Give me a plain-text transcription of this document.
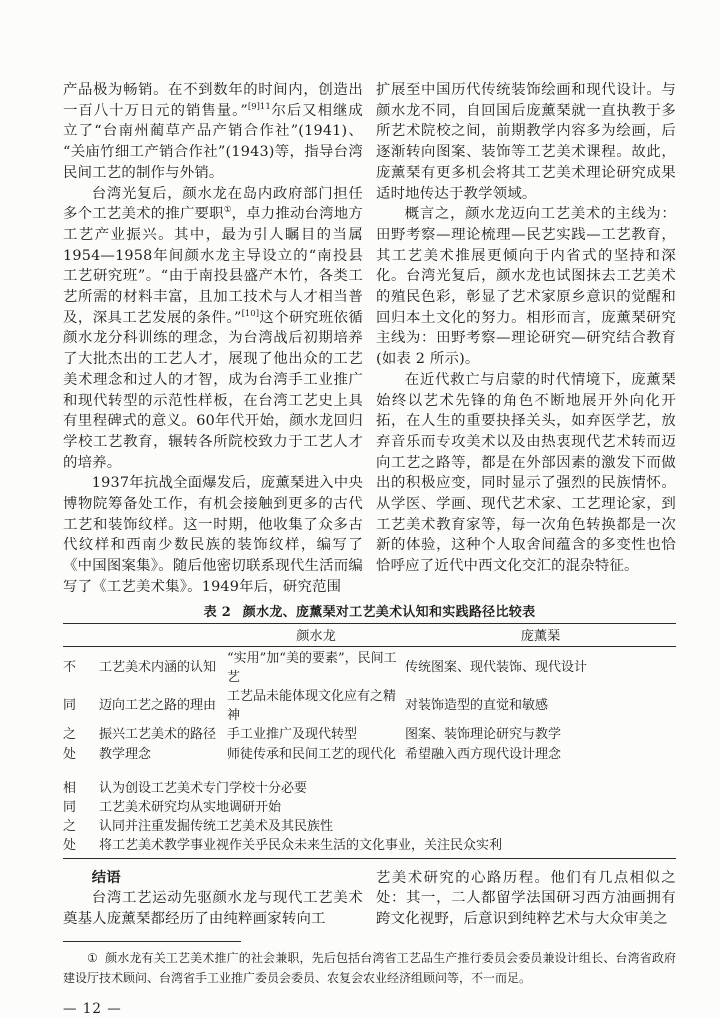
产品极为畅销。在不到数年的时间内，创造出一百八十万日元的销售量。”$^{[9]11}$尔后又相继成立了“台南州蔺草产品产销合作社”(1941)、“关庙竹细工产销合作社”(1943)等，指导台湾民间工艺的制作与外销。

台湾光复后，颜水龙在岛内政府部门担任多个工艺美术的推广要职①，卓力推动台湾地方工艺产业振兴。其中，最为引人瞩目的当属1954—1958年间颜水龙主导设立的“南投县工艺研究班”。“由于南投县盛产木竹，各类工艺所需的材料丰富，且加工技术与人才相当普及，深具工艺发展的条件。”[10]这个研究班依循颜水龙分科训练的理念，为台湾战后初期培养了大批杰出的工艺人才，展现了他出众的工艺美术理念和过人的才智，成为台湾手工业推广和现代转型的示范性样板，在台湾工艺史上具有里程碑式的意义。60年代开始，颜水龙回归学校工艺教育，辗转各所院校致力于工艺人才的培养。

1937年抗战全面爆发后，庞薰琹进入中央博物院筹备处工作，有机会接触到更多的古代工艺和装饰纹样。这一时期，他收集了众多古代纹样和西南少数民族的装饰纹样，编写了《中国图案集》。随后他密切联系现代生活而编写了《工艺美术集》。1949年后，研究范围

扩展至中国历代传统装饰绘画和现代设计。与颜水龙不同，自回国后庞薰琹就一直执教于多所艺术院校之间，前期教学内容多为绘画，后逐渐转向图案、装饰等工艺美术课程。故此，庞薰琹有更多机会将其工艺美术理论研究成果适时地传达于教学领域。

概言之，颜水龙迈向工艺美术的主线为：田野考察—理论梳理—民艺实践—工艺教育，其工艺美术推展更倾向于内省式的坚持和深化。台湾光复后，颜水龙也试图抹去工艺美术的殖民色彩，彰显了艺术家原乡意识的觉醒和回归本土文化的努力。相形而言，庞薰琹研究主线为：田野考察—理论研究—研究结合教育(如表 2 所示)。

在近代救亡与启蒙的时代情境下，庞薰琹始终以艺术先锋的角色不断地展开外向化开拓，在人生的重要抉择关头，如弃医学艺，放弃音乐而专攻美术以及由热衷现代艺术转而迈向工艺之路等，都是在外部因素的激发下而做出的积极应变，同时显示了强烈的民族情怀。从学医、学画、现代艺术家、工艺理论家，到工艺美术教育家等，每一次角色转换都是一次新的体验，这种个人取舍间蕴含的多变性也恰恰呼应了近代中西文化交汇的混杂特征。

表 2 颜水龙、庞薰琹对工艺美术认知和实践路径比较表
		颜水龙	庞薰琹
不	工艺美术内涵的认知	“实用”加“美的要素”，民间工艺	传统图案、现代装饰、现代设计
同	迈向工艺之路的理由	工艺品未能体现文化应有之精神	对装饰造型的直觉和敏感
之	振兴工艺美术的路径	手工业推广及现代转型	图案、装饰理论研究与教学
处	教学理念	师徒传承和民间工艺的现代化	希望融入西方现代设计理念

相	认为创设工艺美术专门学校十分必要		
同	工艺美术研究均从实地调研开始		
之	认同并注重发掘传统工艺美术及其民族性		
处	将工艺美术教学事业视作关乎民众未来生活的文化事业，关注民众实利		
结语

台湾工艺运动先驱颜水龙与现代工艺美术奠基人庞薰琹都经历了由纯粹画家转向工

艺美术研究的心路历程。他们有几点相似之处：其一，二人都留学法国研习西方油画拥有跨文化视野，后意识到纯粹艺术与大众审美之

① 颜水龙有关工艺美术推广的社会兼职，先后包括台湾省工艺品生产推行委员会委员兼设计组长、台湾省政府建设厅技术顾问、台湾省手工业推广委员会委员、农复会农业经济组顾问等，不一而足。

— 12 —
